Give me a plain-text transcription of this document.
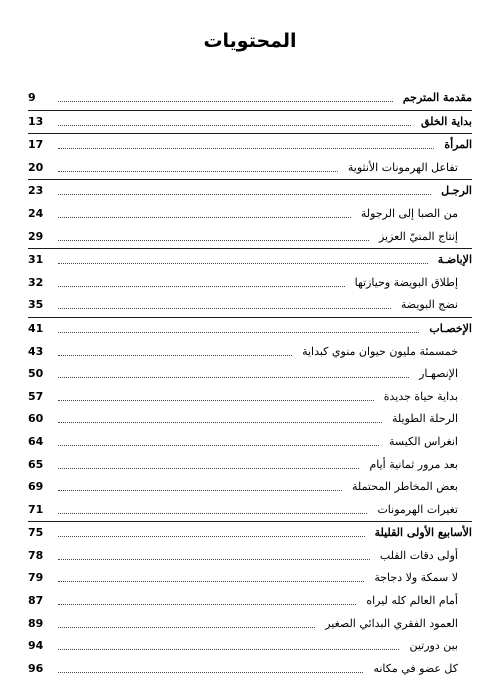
المحتويات
9	مقدمة المترجم
13	بداية الخلق
17	المرأة
20	تفاعل الهرمونات الأنثوية
23	الرجـل
24	من الصبا إلى الرجولة
29	إنتاج المنيّ العزيز
31	الإباضـة
32	إطلاق البويضة وحيازتها
35	نضج البويضة
41	الإخصـاب
43	خمسمئة مليون حيوان منوي كبداية
50	الإنصهـار
57	بداية حياة جديدة
60	الرحلة الطويلة
64	انغراس الكيسة
65	بعد مرور ثمانية أيام
69	بعض المخاطر المحتملة
71	تغيرات الهرمونات
75	الأسابيع الأولى القليلة
78	أولى دقات القلب
79	لا سمكة ولا دجاجة
87	أمام العالم كله ليراه
89	العمود الفقري البدائي الصغير
94	بين دورتين
96	كل عضو في مكانه
